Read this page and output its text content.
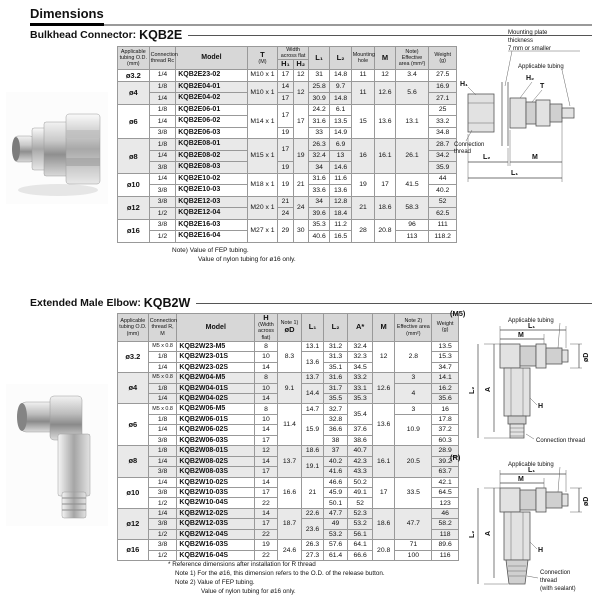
Dimensions
Bulkhead Connector: KQB2E
Applicable tubing O.D. (mm)	Connection thread Rc	Model	T
(M)	Width across flat		L₁	L₂	Mounting hole	M	Note) Effective area (mm²)	Weight (g)
				H₁	H₂						
ø3.2	1/4	KQB2E23-02	M10 x 1	17	12	31	14.8	11	12	3.4	27.5
ø4	1/8	KQB2E04-01	M10 x 1	14	12	25.8	9.7	11	12.6	5.6	16.9
	1/4	KQB2E04-02		17		30.9	14.8				27.1
ø6	1/8	KQB2E06-01	M14 x 1	17	17	24.2	6.1	15	13.6	13.1	25
	1/4	KQB2E06-02				31.6	13.5				33.2
	3/8	KQB2E06-03		19		33	14.9				34.8
ø8	1/8	KQB2E08-01	M15 x 1	17	19	26.3	6.9	16	16.1	26.1	28.7
	1/4	KQB2E08-02				32.4	13				34.2
	3/8	KQB2E08-03		19		34	14.6				35.9
ø10	1/4	KQB2E10-02	M18 x 1	19	21	31.6	11.6	19	17	41.5	44
	3/8	KQB2E10-03				33.6	13.6				40.2
ø12	3/8	KQB2E12-03	M20 x 1	21	24	34	12.8	21	18.6	58.3	52
	1/2	KQB2E12-04		24		39.6	18.4				62.5
ø16	3/8	KQB2E16-03	M27 x 1	29	30	35.3	11.2	28	20.8	96	111
	1/2	KQB2E16-04				40.6	16.5			113	118.2
Note) Value of FEP tubing.
Value of nylon tubing for ø16 only.
Mounting plate
thickness
7 mm or smaller
Applicable tubing
H₁
H₂
T
Connection
thread
L₂	M
L₁
Extended Male Elbow: KQB2W
Applicable tubing O.D. (mm)	Connection thread R, M	Model	
H
(Width across flat)

Note 1)
øD	L₁	L₂	A*	M	Note 2) Effective area (mm²)	Weight (g)
ø3.2	M5 x 0.8	KQB2W23-M5	8	8.3	13.1	31.2	32.4	12	2.8	13.5
	1/8	KQB2W23-01S	10		13.6	31.3	32.3			15.3
	1/4	KQB2W23-02S	14			35.1	34.5			34.7
ø4	M5 x 0.8	KQB2W04-M5	8	9.1	13.7	31.6	33.2	12.6	3	14.1
	1/8	KQB2W04-01S	10		14.4	31.7	33.1		4	16.2
	1/4	KQB2W04-02S	14			35.5	35.3			35.6
ø6	M5 x 0.8	KQB2W06-M5	8	11.4	14.7	32.7	35.4	13.6	3	16
	1/8	KQB2W06-01S	10		15.9	32.8			10.9	17.8
	1/4	KQB2W06-02S	14			36.6	37.6			37.2
	3/8	KQB2W06-03S	17			38	38.6			60.3
ø8	1/8	KQB2W08-01S	12	13.7	18.6	37	40.7	16.1	20.5	28.9
	1/4	KQB2W08-02S	14		19.1	40.2	42.3			39.2
	3/8	KQB2W08-03S	17			41.6	43.3			63.7
ø10	1/4	KQB2W10-02S	14	16.6	21	46.6	50.2	17	33.5	42.1
	3/8	KQB2W10-03S	17			45.9	49.1			64.5
	1/2	KQB2W10-04S	22			50.1	52			123
ø12	1/4	KQB2W12-02S	14	18.7	22.6	47.7	52.3	18.6	47.7	46
	3/8	KQB2W12-03S	17		23.6	49	53.2			58.2
	1/2	KQB2W12-04S	22			53.2	56.1			118
ø16	3/8	KQB2W16-03S	19	24.6	26.3	57.6	64.1	20.8	71	89.6
	1/2	KQB2W16-04S	22		27.3	61.4	66.6		100	116
* Reference dimensions after installation for R thread
Note 1) For the ø16, this dimension refers to the O.D. of the release button.
Note 2) Value of FEP tubing.
Value of nylon tubing for ø16 only.
(M5)
Applicable tubing
L₁
M
øD
A
L₂
H
Connection thread
(R)
Applicable tubing
L₁
M
øD
A
L₂
H
Connection
thread
(with sealant)
